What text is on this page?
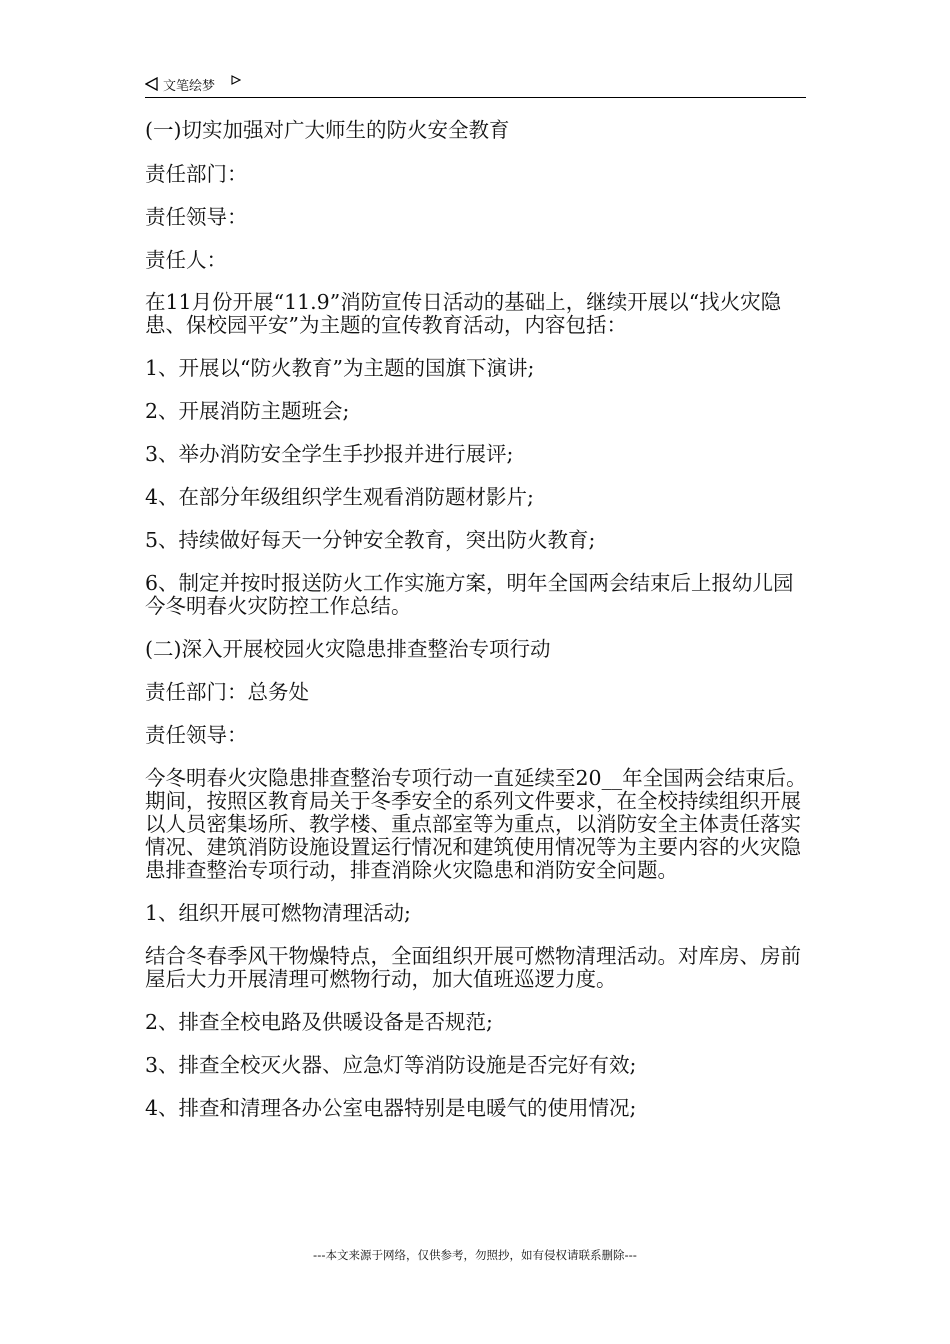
文笔绘梦

(一)切实加强对广大师生的防火安全教育

责任部门：

责任领导：

责任人：

在11月份开展“11.9”消防宣传日活动的基础上，继续开展以“找火灾隐患、保校园平安”为主题的宣传教育活动，内容包括：

1、开展以“防火教育”为主题的国旗下演讲;

2、开展消防主题班会;

3、举办消防安全学生手抄报并进行展评;

4、在部分年级组织学生观看消防题材影片;

5、持续做好每天一分钟安全教育，突出防火教育;

6、制定并按时报送防火工作实施方案，明年全国两会结束后上报幼儿园今冬明春火灾防控工作总结。

(二)深入开展校园火灾隐患排查整治专项行动

责任部门：总务处

责任领导：

今冬明春火灾隐患排查整治专项行动一直延续至20__年全国两会结束后。期间，按照区教育局关于冬季安全的系列文件要求，在全校持续组织开展以人员密集场所、教学楼、重点部室等为重点，以消防安全主体责任落实情况、建筑消防设施设置运行情况和建筑使用情况等为主要内容的火灾隐患排查整治专项行动，排查消除火灾隐患和消防安全问题。

1、组织开展可燃物清理活动;

结合冬春季风干物燥特点，全面组织开展可燃物清理活动。对库房、房前屋后大力开展清理可燃物行动，加大值班巡逻力度。

2、排查全校电路及供暖设备是否规范;

3、排查全校灭火器、应急灯等消防设施是否完好有效;

4、排查和清理各办公室电器特别是电暖气的使用情况;

---本文来源于网络，仅供参考，勿照抄，如有侵权请联系删除---
